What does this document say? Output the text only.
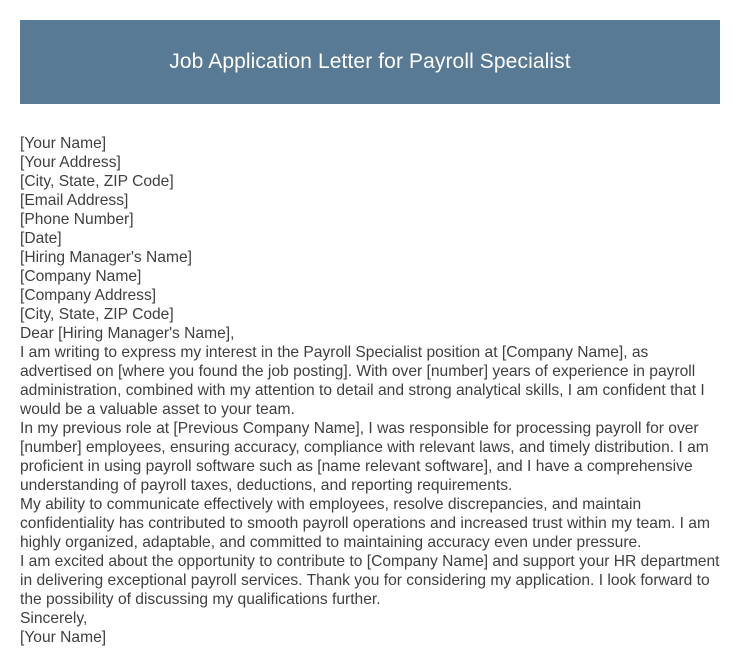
Job Application Letter for Payroll Specialist
[Your Name]
[Your Address]
[City, State, ZIP Code]
[Email Address]
[Phone Number]
[Date]
[Hiring Manager's Name]
[Company Name]
[Company Address]
[City, State, ZIP Code]
Dear [Hiring Manager's Name],
I am writing to express my interest in the Payroll Specialist position at [Company Name], as advertised on [where you found the job posting]. With over [number] years of experience in payroll administration, combined with my attention to detail and strong analytical skills, I am confident that I would be a valuable asset to your team.
In my previous role at [Previous Company Name], I was responsible for processing payroll for over [number] employees, ensuring accuracy, compliance with relevant laws, and timely distribution. I am proficient in using payroll software such as [name relevant software], and I have a comprehensive understanding of payroll taxes, deductions, and reporting requirements.
My ability to communicate effectively with employees, resolve discrepancies, and maintain confidentiality has contributed to smooth payroll operations and increased trust within my team. I am highly organized, adaptable, and committed to maintaining accuracy even under pressure.
I am excited about the opportunity to contribute to [Company Name] and support your HR department in delivering exceptional payroll services. Thank you for considering my application. I look forward to the possibility of discussing my qualifications further.
Sincerely,
[Your Name]
